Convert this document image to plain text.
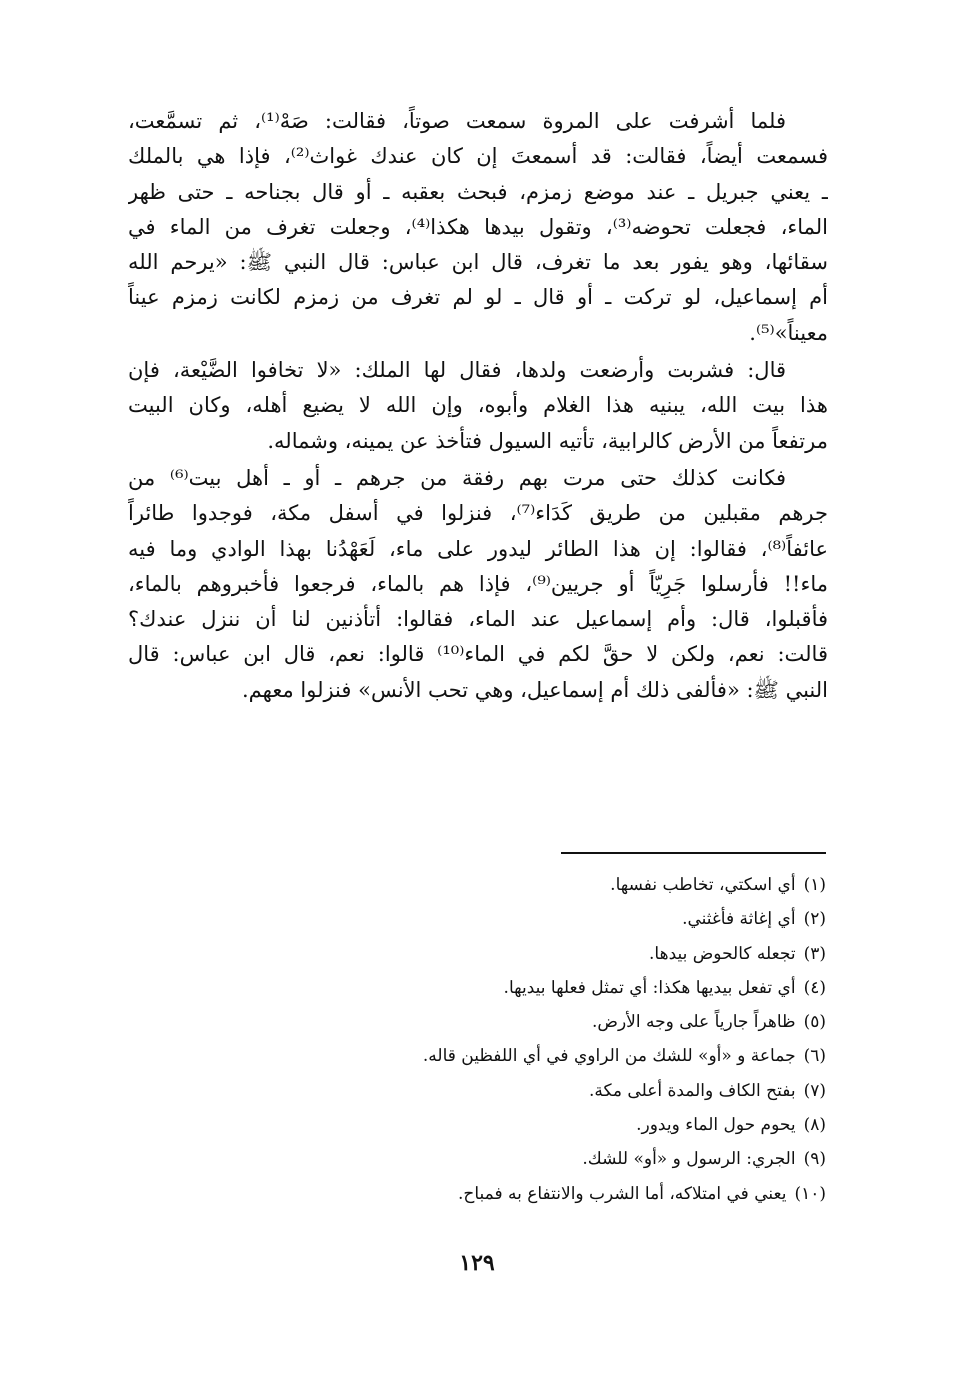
فلما أشرفت على المروة سمعت صوتاً، فقالت: صَهْ⁽¹⁾، ثم تسمَّعت،
فسمعت أيضاً، فقالت: قد أسمعتَ إن كان عندك غواث⁽²⁾، فإذا هي بالملك
ـ يعني جبريل ـ عند موضع زمزم، فبحث بعقبه ـ أو قال بجناحه ـ حتى ظهر
الماء، فجعلت تحوضه⁽³⁾، وتقول بيدها هكذا⁽⁴⁾، وجعلت تغرف من الماء في
سقائها، وهو يفور بعد ما تغرف، قال ابن عباس: قال النبي ﷺ: «يرحم الله
أم إسماعيل، لو تركت ـ أو قال ـ لو لم تغرف من زمزم لكانت زمزم عيناً
معيناً»⁽⁵⁾.
قال: فشربت وأرضعت ولدها، فقال لها الملك: «لا تخافوا الضَّيْعة، فإن
هذا بيت الله، يبنيه هذا الغلام وأبوه، وإن الله لا يضيع أهله، وكان البيت
مرتفعاً من الأرض كالرابية، تأتيه السيول فتأخذ عن يمينه، وشماله.
فكانت كذلك حتى مرت بهم رفقة من جرهم ـ أو ـ أهل بيت⁽⁶⁾ من
جرهم مقبلين من طريق كَدَاء⁽⁷⁾، فنزلوا في أسفل مكة، فوجدوا طائراً
عائفاً⁽⁸⁾، فقالوا: إن هذا الطائر ليدور على ماء، لَعَهْدُنا بهذا الوادي وما فيه
ماء!! فأرسلوا جَرِيّاً أو جريين⁽⁹⁾، فإذا هم بالماء، فرجعوا فأخبروهم بالماء،
فأقبلوا، قال: وأم إسماعيل عند الماء، فقالوا: أتأذنين لنا أن ننزل عندك؟
قالت: نعم، ولكن لا حقَّ لكم في الماء⁽¹⁰⁾ قالوا: نعم، قال ابن عباس: قال
النبي ﷺ: «فألفى ذلك أم إسماعيل، وهي تحب الأنس» فنزلوا معهم.
(١)أي اسكتي، تخاطب نفسها.
(٢)أي إغاثة فأغثني.
(٣)تجعله كالحوض بيدها.
(٤)أي تفعل بيديها هكذا: أي تمثل فعلها بيديها.
(٥)ظاهراً جارياً على وجه الأرض.
(٦)جماعة و «أو» للشك من الراوي في أي اللفظين قاله.
(٧)بفتح الكاف والمدة أعلى مكة.
(٨)يحوم حول الماء ويدور.
(٩)الجري: الرسول و «أو» للشك.
(١٠)يعني في امتلاكه، أما الشرب والانتفاع به فمباح.
١٢٩
